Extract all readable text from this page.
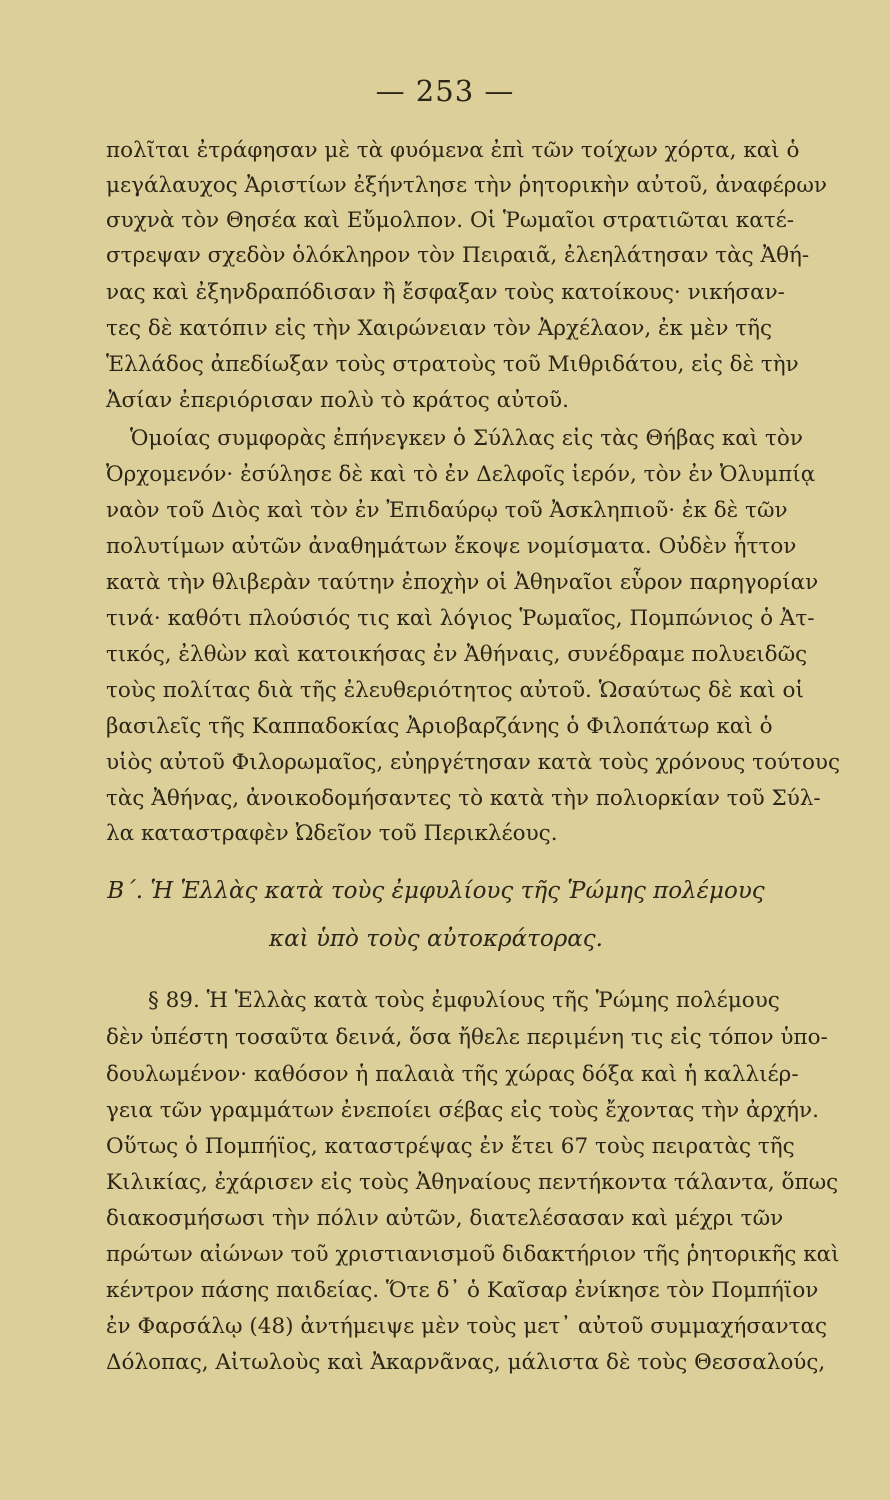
— 253 —
πολῖται ἐτράφησαν μὲ τὰ φυόμενα ἐπὶ τῶν τοίχων χόρτα, καὶ ὁ
μεγάλαυχος Ἀριστίων ἐξήντλησε τὴν ῥητορικὴν αὐτοῦ, ἀναφέρων
συχνὰ τὸν Θησέα καὶ Εὔμολπον. Οἱ Ῥωμαῖοι στρατιῶται κατέ-
στρεψαν σχεδὸν ὁλόκληρον τὸν Πειραιᾶ, ἐλεηλάτησαν τὰς Ἀθή-
νας καὶ ἐξηνδραπόδισαν ἢ ἔσφαξαν τοὺς κατοίκους· νικήσαν-
τες δὲ κατόπιν εἰς τὴν Χαιρώνειαν τὸν Ἀρχέλαον, ἐκ μὲν τῆς
Ἑλλάδος ἀπεδίωξαν τοὺς στρατοὺς τοῦ Μιθριδάτου, εἰς δὲ τὴν
Ἀσίαν ἐπεριόρισαν πολὺ τὸ κράτος αὐτοῦ.
Ὁμοίας συμφορὰς ἐπήνεγκεν ὁ Σύλλας εἰς τὰς Θήβας καὶ τὸν
Ὀρχομενόν· ἐσύλησε δὲ καὶ τὸ ἐν Δελφοῖς ἱερόν, τὸν ἐν Ὀλυμπίᾳ
ναὸν τοῦ Διὸς καὶ τὸν ἐν Ἐπιδαύρῳ τοῦ Ἀσκληπιοῦ· ἐκ δὲ τῶν
πολυτίμων αὐτῶν ἀναθημάτων ἔκοψε νομίσματα. Οὐδὲν ἧττον
κατὰ τὴν θλιβερὰν ταύτην ἐποχὴν οἱ Ἀθηναῖοι εὗρον παρηγορίαν
τινά· καθότι πλούσιός τις καὶ λόγιος Ῥωμαῖος, Πομπώνιος ὁ Ἀτ-
τικός, ἐλθὼν καὶ κατοικήσας ἐν Ἀθήναις, συνέδραμε πολυειδῶς
τοὺς πολίτας διὰ τῆς ἐλευθεριότητος αὐτοῦ. Ὡσαύτως δὲ καὶ οἱ
βασιλεῖς τῆς Καππαδοκίας Ἀριοβαρζάνης ὁ Φιλοπάτωρ καὶ ὁ
υἱὸς αὐτοῦ Φιλορωμαῖος, εὐηργέτησαν κατὰ τοὺς χρόνους τούτους
τὰς Ἀθήνας, ἀνοικοδομήσαντες τὸ κατὰ τὴν πολιορκίαν τοῦ Σύλ-
λα καταστραφὲν Ὠδεῖον τοῦ Περικλέους.
Β΄. Ἡ Ἑλλὰς κατὰ τοὺς ἐμφυλίους τῆς Ῥώμης πολέμους
καὶ ὑπὸ τοὺς αὐτοκράτορας.
§ 89. Ἡ Ἑλλὰς κατὰ τοὺς ἐμφυλίους τῆς Ῥώμης πολέμους
δὲν ὑπέστη τοσαῦτα δεινά, ὅσα ἤθελε περιμένη τις εἰς τόπον ὑπο-
δουλωμένον· καθόσον ἡ παλαιὰ τῆς χώρας δόξα καὶ ἡ καλλιέρ-
γεια τῶν γραμμάτων ἐνεποίει σέβας εἰς τοὺς ἔχοντας τὴν ἀρχήν.
Οὕτως ὁ Πομπήϊος, καταστρέψας ἐν ἔτει 67 τοὺς πειρατὰς τῆς
Κιλικίας, ἐχάρισεν εἰς τοὺς Ἀθηναίους πεντήκοντα τάλαντα, ὅπως
διακοσμήσωσι τὴν πόλιν αὐτῶν, διατελέσασαν καὶ μέχρι τῶν
πρώτων αἰώνων τοῦ χριστιανισμοῦ διδακτήριον τῆς ῥητορικῆς καὶ
κέντρον πάσης παιδείας. Ὅτε δ᾽ ὁ Καῖσαρ ἐνίκησε τὸν Πομπήϊον
ἐν Φαρσάλῳ (48) ἀντήμειψε μὲν τοὺς μετ᾽ αὐτοῦ συμμαχήσαντας
Δόλοπας, Αἰτωλοὺς καὶ Ἀκαρνᾶνας, μάλιστα δὲ τοὺς Θεσσαλούς,
